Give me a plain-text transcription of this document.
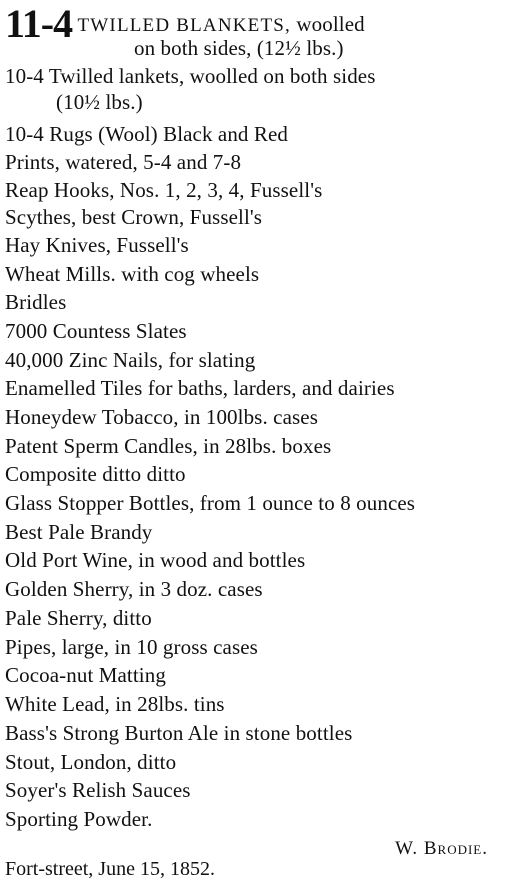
11-4 TWILLED BLANKETS, woolled
on both sides, (12½ lbs.)
10-4 Twilled lankets, woolled on both sides
(10½ lbs.)
10-4 Rugs (Wool) Black and Red
Prints, watered, 5-4 and 7-8
Reap Hooks, Nos. 1, 2, 3, 4, Fussell's
Scythes, best Crown, Fussell's
Hay Knives, Fussell's
Wheat Mills. with cog wheels
Bridles
7000 Countess Slates
40,000 Zinc Nails, for slating
Enamelled Tiles for baths, larders, and dairies
Honeydew Tobacco, in 100lbs. cases
Patent Sperm Candles, in 28lbs. boxes
Composite ditto ditto
Glass Stopper Bottles, from 1 ounce to 8 ounces
Best Pale Brandy
Old Port Wine, in wood and bottles
Golden Sherry, in 3 doz. cases
Pale Sherry, ditto
Pipes, large, in 10 gross cases
Cocoa-nut Matting
White Lead, in 28lbs. tins
Bass's Strong Burton Ale in stone bottles
Stout, London, ditto
Soyer's Relish Sauces
Sporting Powder.
W. Brodie.
Fort-street, June 15, 1852.
